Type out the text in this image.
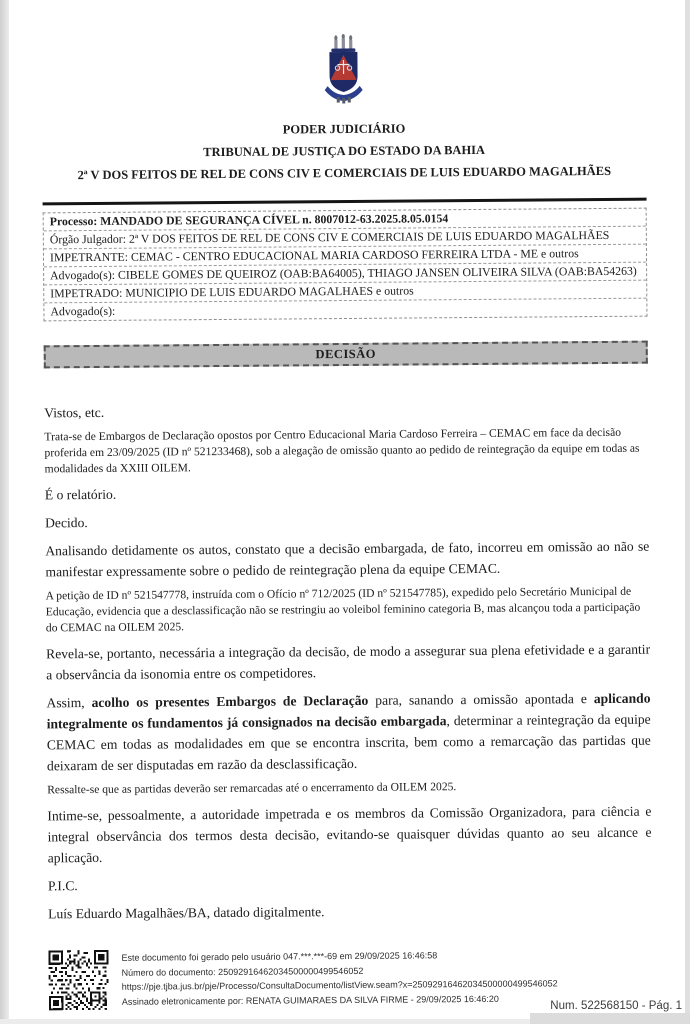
PODER JUDICIÁRIO

TRIBUNAL DE JUSTIÇA DO ESTADO DA BAHIA

2ª V DOS FEITOS DE REL DE CONS CIV E COMERCIAIS DE LUIS EDUARDO MAGALHÃES

Processo: MANDADO DE SEGURANÇA CÍVEL n. 8007012-63.2025.8.05.0154
Órgão Julgador: 2ª V DOS FEITOS DE REL DE CONS CIV E COMERCIAIS DE LUIS EDUARDO MAGALHÃES
IMPETRANTE: CEMAC - CENTRO EDUCACIONAL MARIA CARDOSO FERREIRA LTDA - ME e outros
Advogado(s): CIBELE GOMES DE QUEIROZ (OAB:BA64005), THIAGO JANSEN OLIVEIRA SILVA (OAB:BA54263)
IMPETRADO: MUNICIPIO DE LUIS EDUARDO MAGALHAES e outros
Advogado(s):
DECISÃO

Vistos, etc.

Trata-se de Embargos de Declaração opostos por Centro Educacional Maria Cardoso Ferreira – CEMAC em face da decisão proferida em 23/09/2025 (ID nº 521233468), sob a alegação de omissão quanto ao pedido de reintegração da equipe em todas as modalidades da XXIII OILEM.

É o relatório.

Decido.

Analisando detidamente os autos, constato que a decisão embargada, de fato, incorreu em omissão ao não se manifestar expressamente sobre o pedido de reintegração plena da equipe CEMAC.

A petição de ID nº 521547778, instruída com o Ofício nº 712/2025 (ID nº 521547785), expedido pelo Secretário Municipal de Educação, evidencia que a desclassificação não se restringiu ao voleibol feminino categoria B, mas alcançou toda a participação do CEMAC na OILEM 2025.

Revela-se, portanto, necessária a integração da decisão, de modo a assegurar sua plena efetividade e a garantir a observância da isonomia entre os competidores.

Assim, acolho os presentes Embargos de Declaração para, sanando a omissão apontada e aplicando integralmente os fundamentos já consignados na decisão embargada, determinar a reintegração da equipe CEMAC em todas as modalidades em que se encontra inscrita, bem como a remarcação das partidas que deixaram de ser disputadas em razão da desclassificação.

Ressalte-se que as partidas deverão ser remarcadas até o encerramento da OILEM 2025.

Intime-se, pessoalmente, a autoridade impetrada e os membros da Comissão Organizadora, para ciência e integral observância dos termos desta decisão, evitando-se quaisquer dúvidas quanto ao seu alcance e aplicação.

P.I.C.

Luís Eduardo Magalhães/BA, datado digitalmente.

Este documento foi gerado pelo usuário 047.***.***-69 em 29/09/2025 16:46:58
Número do documento: 25092916462034500000499546052
https://pje.tjba.jus.br/pje/Processo/ConsultaDocumento/listView.seam?x=25092916462034500000499546052
Assinado eletronicamente por: RENATA GUIMARAES DA SILVA FIRME - 29/09/2025 16:46:20	Num. 522568150 - Pág. 1
